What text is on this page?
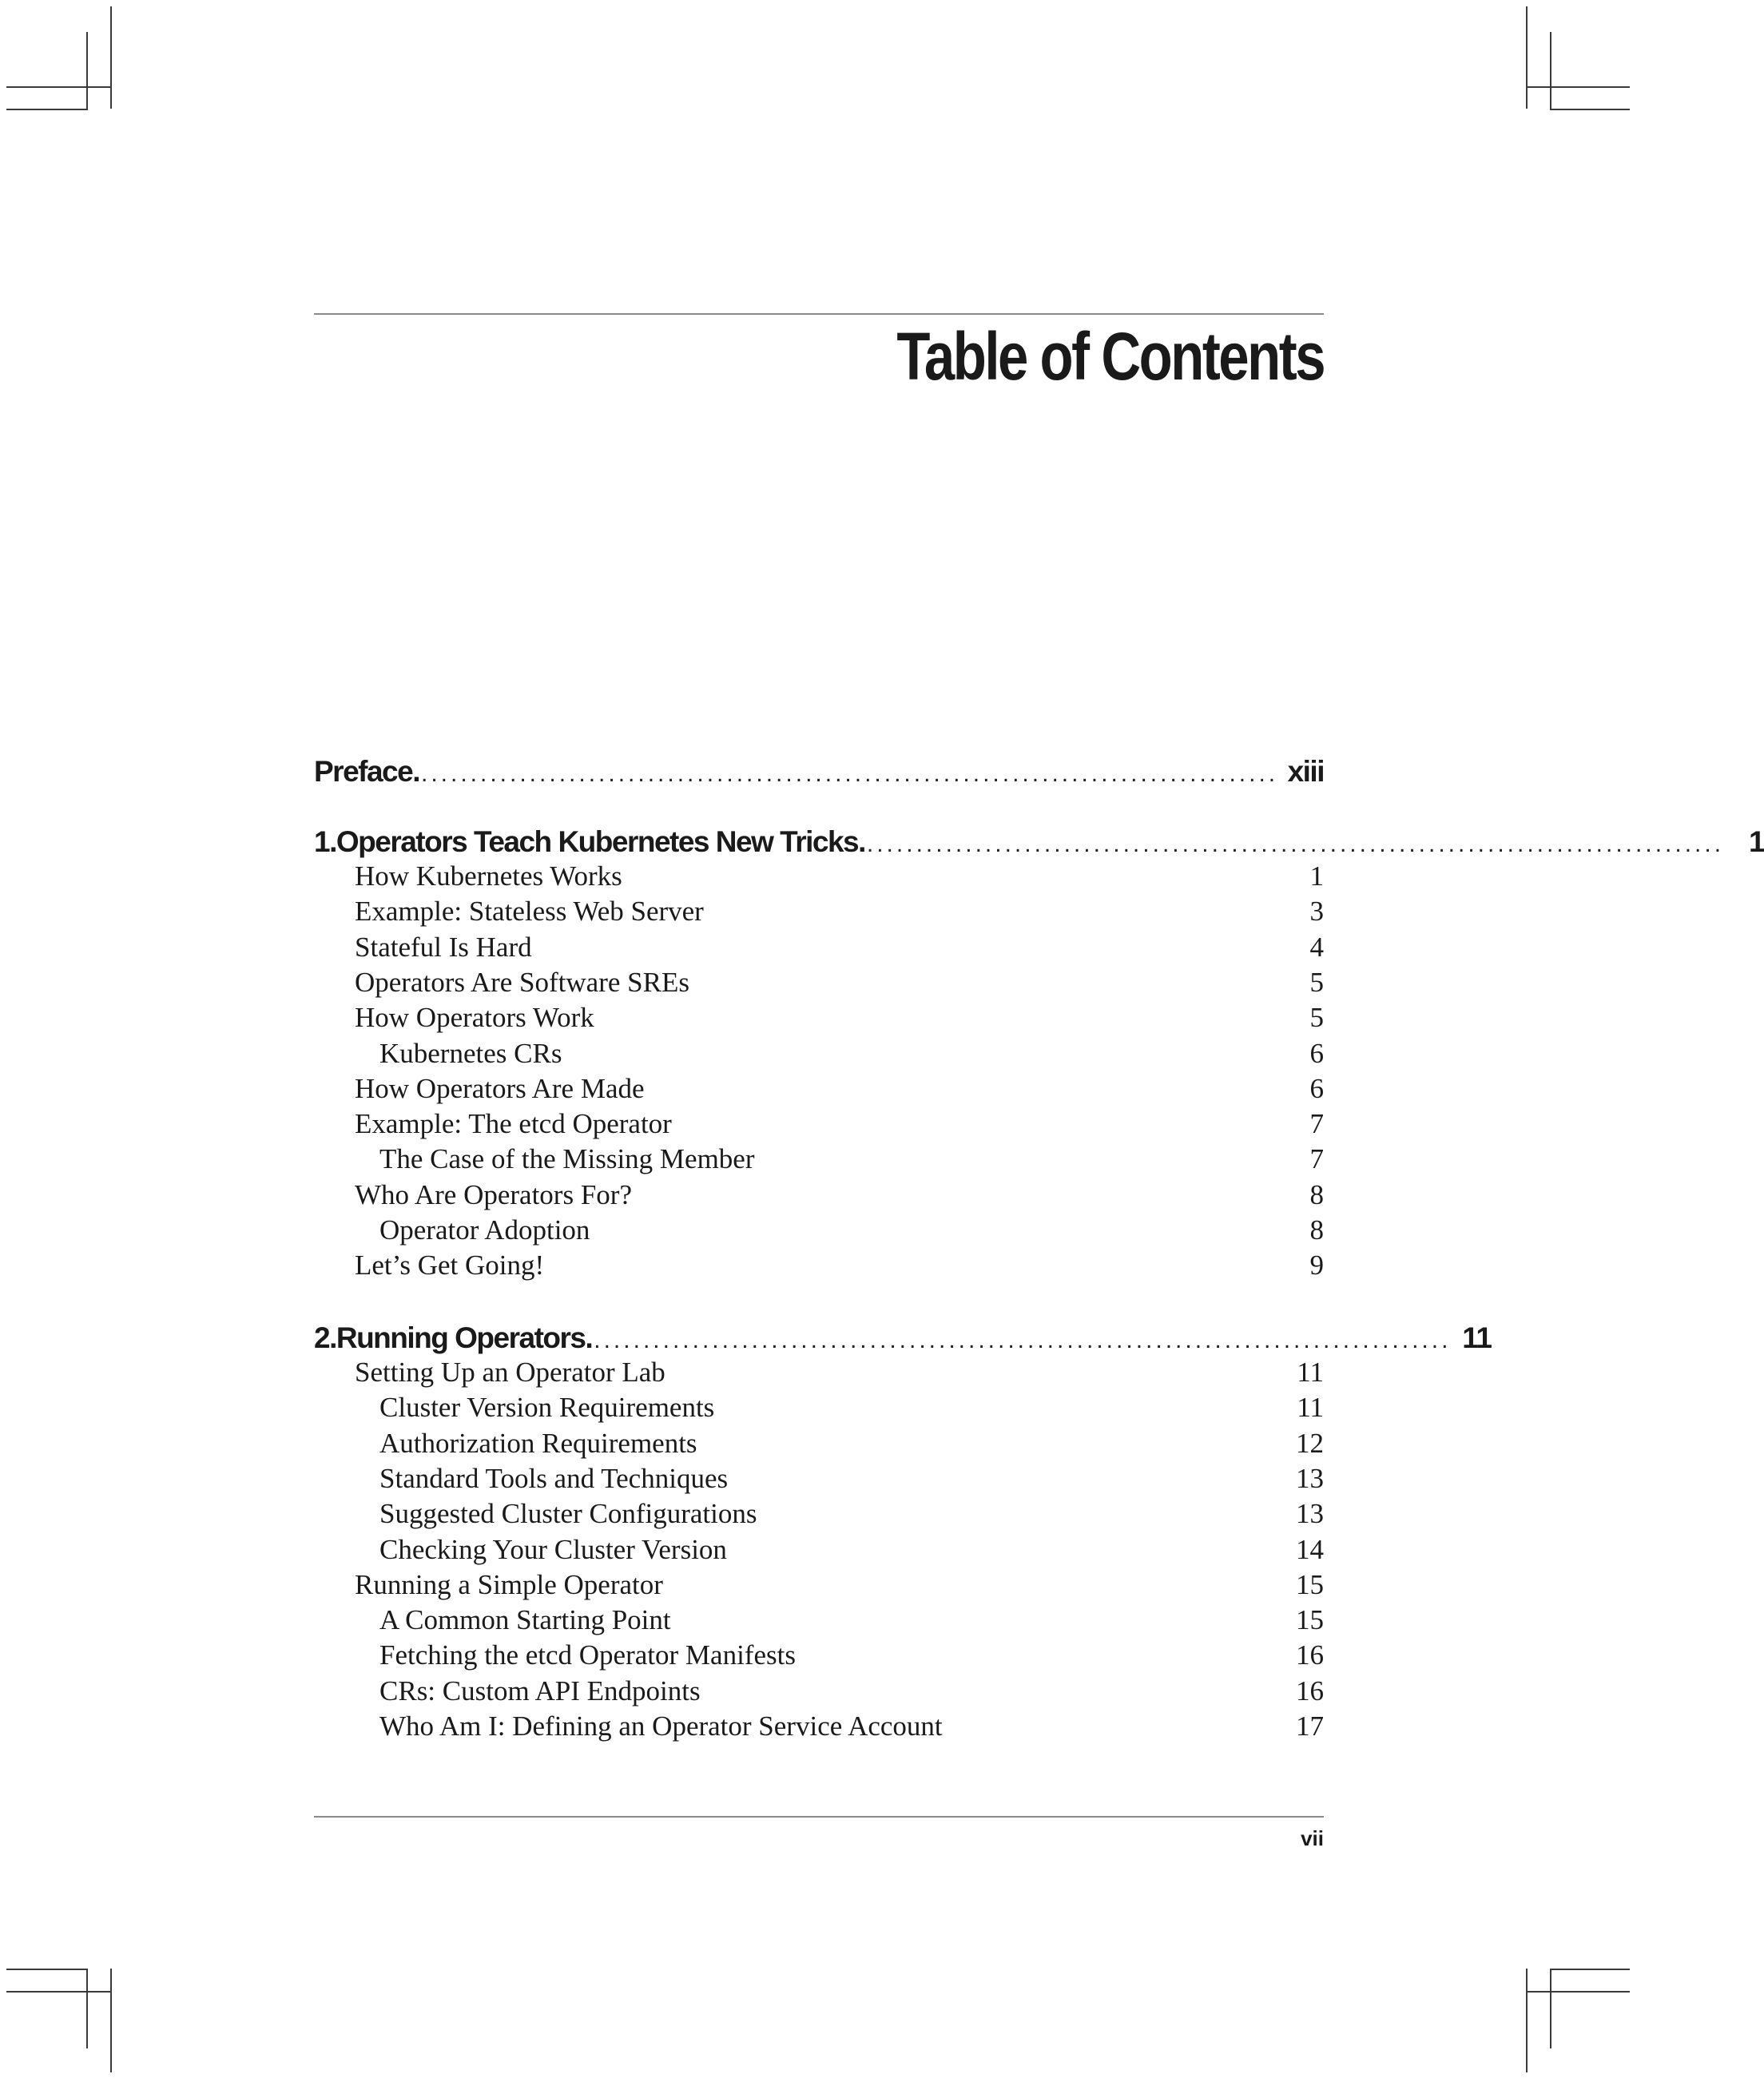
Table of Contents
Preface. ....................................................................................... xiii
1. Operators Teach Kubernetes New Tricks. ....................................................................................... 1
How Kubernetes Works	1
Example: Stateless Web Server	3
Stateful Is Hard	4
Operators Are Software SREs	5
How Operators Work	5
Kubernetes CRs	6
How Operators Are Made	6
Example: The etcd Operator	7
The Case of the Missing Member	7
Who Are Operators For?	8
Operator Adoption	8
Let’s Get Going!	9
2. Running Operators. ....................................................................................... 11
Setting Up an Operator Lab	11
Cluster Version Requirements	11
Authorization Requirements	12
Standard Tools and Techniques	13
Suggested Cluster Configurations	13
Checking Your Cluster Version	14
Running a Simple Operator	15
A Common Starting Point	15
Fetching the etcd Operator Manifests	16
CRs: Custom API Endpoints	16
Who Am I: Defining an Operator Service Account	17
vii
